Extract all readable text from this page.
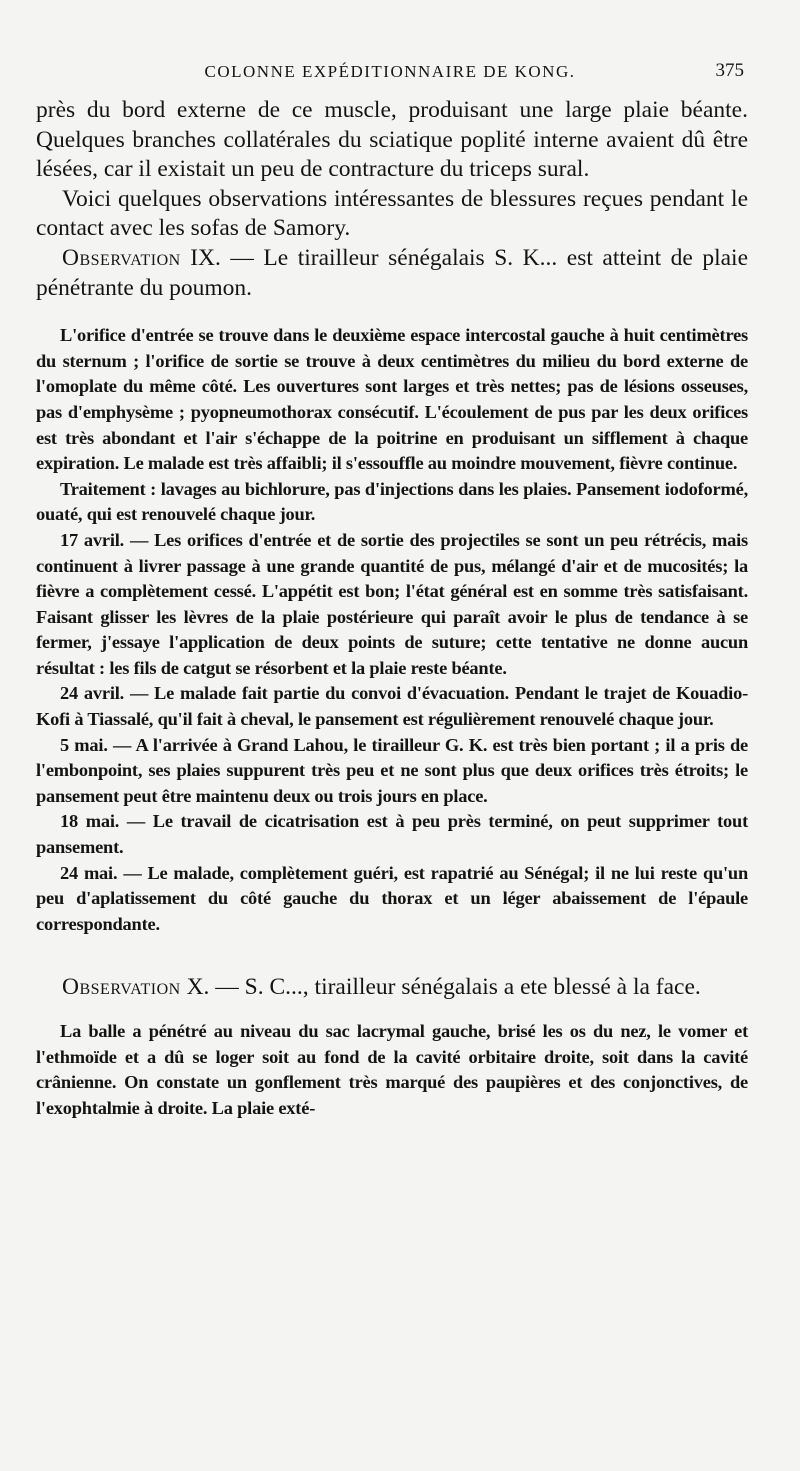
COLONNE EXPÉDITIONNAIRE DE KONG.	375

près du bord externe de ce muscle, produisant une large plaie béante. Quelques branches collatérales du sciatique poplité interne avaient dû être lésées, car il existait un peu de contracture du triceps sural.

Voici quelques observations intéressantes de blessures reçues pendant le contact avec les sofas de Samory.

Observation IX. — Le tirailleur sénégalais S. K... est atteint de plaie pénétrante du poumon.

L'orifice d'entrée se trouve dans le deuxième espace intercostal gauche à huit centimètres du sternum ; l'orifice de sortie se trouve à deux centimètres du milieu du bord externe de l'omoplate du même côté. Les ouvertures sont larges et très nettes; pas de lésions osseuses, pas d'emphysème ; pyopneumothorax consécutif. L'écoulement de pus par les deux orifices est très abondant et l'air s'échappe de la poitrine en produisant un sifflement à chaque expiration. Le malade est très affaibli; il s'essouffle au moindre mouvement, fièvre continue.

Traitement : lavages au bichlorure, pas d'injections dans les plaies. Pansement iodoformé, ouaté, qui est renouvelé chaque jour.

17 avril. — Les orifices d'entrée et de sortie des projectiles se sont un peu rétrécis, mais continuent à livrer passage à une grande quantité de pus, mélangé d'air et de mucosités; la fièvre a complètement cessé. L'appétit est bon; l'état général est en somme très satisfaisant. Faisant glisser les lèvres de la plaie postérieure qui paraît avoir le plus de tendance à se fermer, j'essaye l'application de deux points de suture; cette tentative ne donne aucun résultat : les fils de catgut se résorbent et la plaie reste béante.

24 avril. — Le malade fait partie du convoi d'évacuation. Pendant le trajet de Kouadio-Kofi à Tiassalé, qu'il fait à cheval, le pansement est régulièrement renouvelé chaque jour.

5 mai. — A l'arrivée à Grand Lahou, le tirailleur G. K. est très bien portant ; il a pris de l'embonpoint, ses plaies suppurent très peu et ne sont plus que deux orifices très étroits; le pansement peut être maintenu deux ou trois jours en place.

18 mai. — Le travail de cicatrisation est à peu près terminé, on peut supprimer tout pansement.

24 mai. — Le malade, complètement guéri, est rapatrié au Sénégal; il ne lui reste qu'un peu d'aplatissement du côté gauche du thorax et un léger abaissement de l'épaule correspondante.

Observation X. — S. C..., tirailleur sénégalais a ete blessé à la face.

La balle a pénétré au niveau du sac lacrymal gauche, brisé les os du nez, le vomer et l'ethmoïde et a dû se loger soit au fond de la cavité orbitaire droite, soit dans la cavité crânienne. On constate un gonflement très marqué des paupières et des conjonctives, de l'exophtalmie à droite. La plaie exté-
